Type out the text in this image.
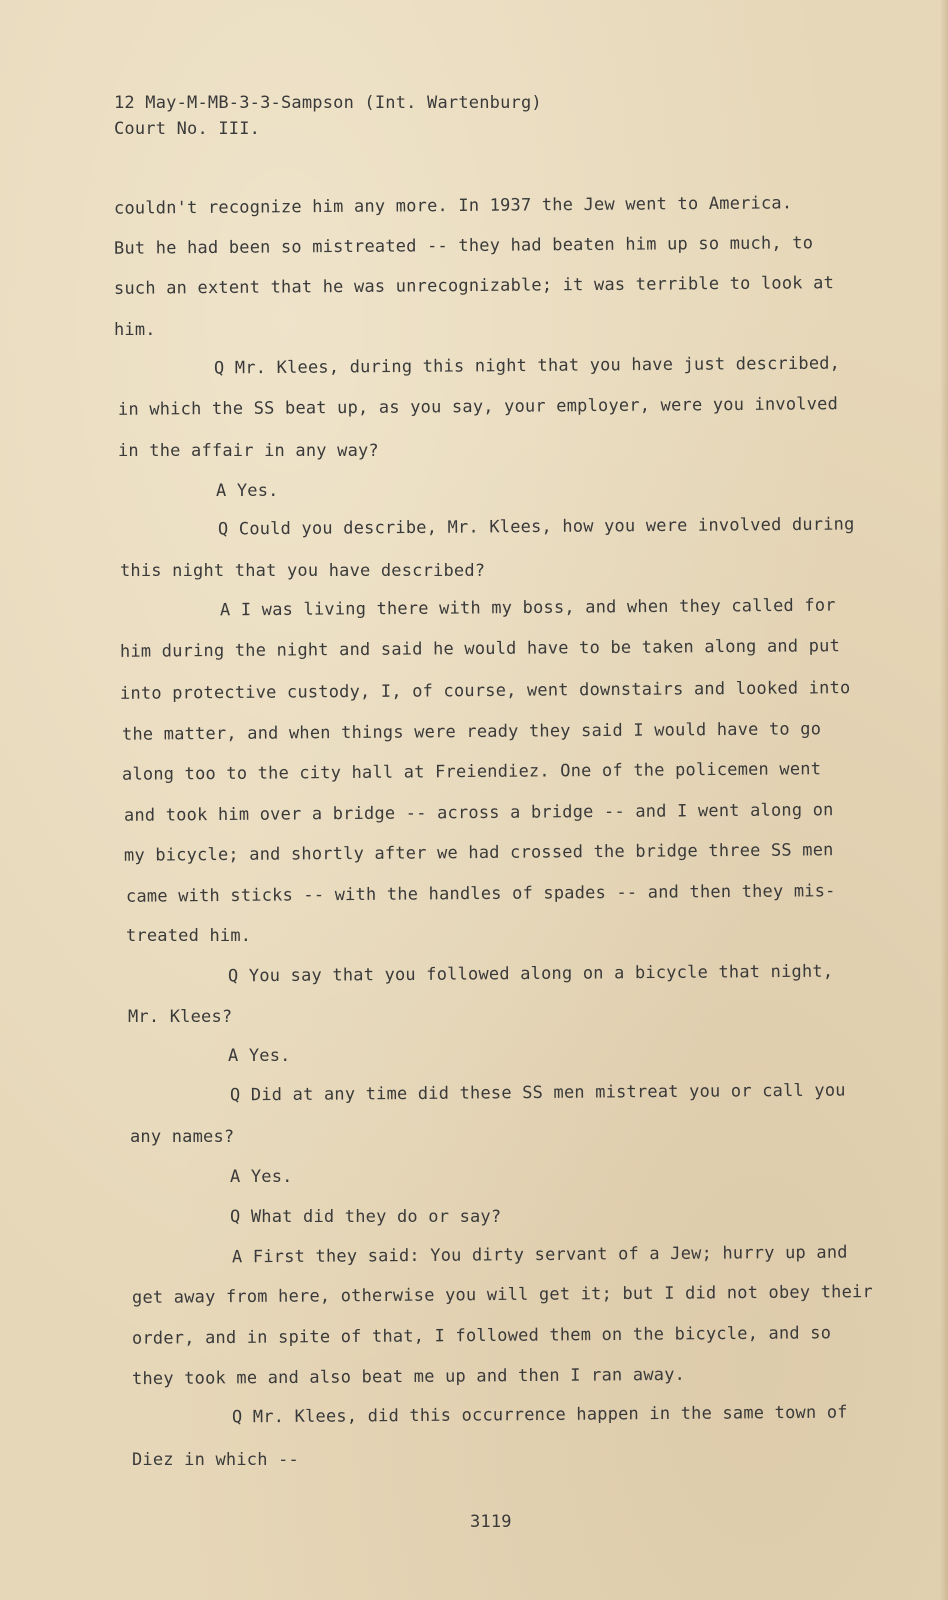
12 May-M-MB-3-3-Sampson (Int. Wartenburg)
Court No. III.
couldn't recognize him any more. In 1937 the Jew went to America.
But he had been so mistreated -- they had beaten him up so much, to
such an extent that he was unrecognizable; it was terrible to look at
him.
Q Mr. Klees, during this night that you have just described,
in which the SS beat up, as you say, your employer, were you involved
in the affair in any way?
A Yes.
Q Could you describe, Mr. Klees, how you were involved during
this night that you have described?
A I was living there with my boss, and when they called for
him during the night and said he would have to be taken along and put
into protective custody, I, of course, went downstairs and looked into
the matter, and when things were ready they said I would have to go
along too to the city hall at Freiendiez. One of the policemen went
and took him over a bridge -- across a bridge -- and I went along on
my bicycle; and shortly after we had crossed the bridge three SS men
came with sticks -- with the handles of spades -- and then they mis-
treated him.
Q You say that you followed along on a bicycle that night,
Mr. Klees?
A Yes.
Q Did at any time did these SS men mistreat you or call you
any names?
A Yes.
Q What did they do or say?
A First they said: You dirty servant of a Jew; hurry up and
get away from here, otherwise you will get it; but I did not obey their
order, and in spite of that, I followed them on the bicycle, and so
they took me and also beat me up and then I ran away.
Q Mr. Klees, did this occurrence happen in the same town of
Diez in which --
3119
